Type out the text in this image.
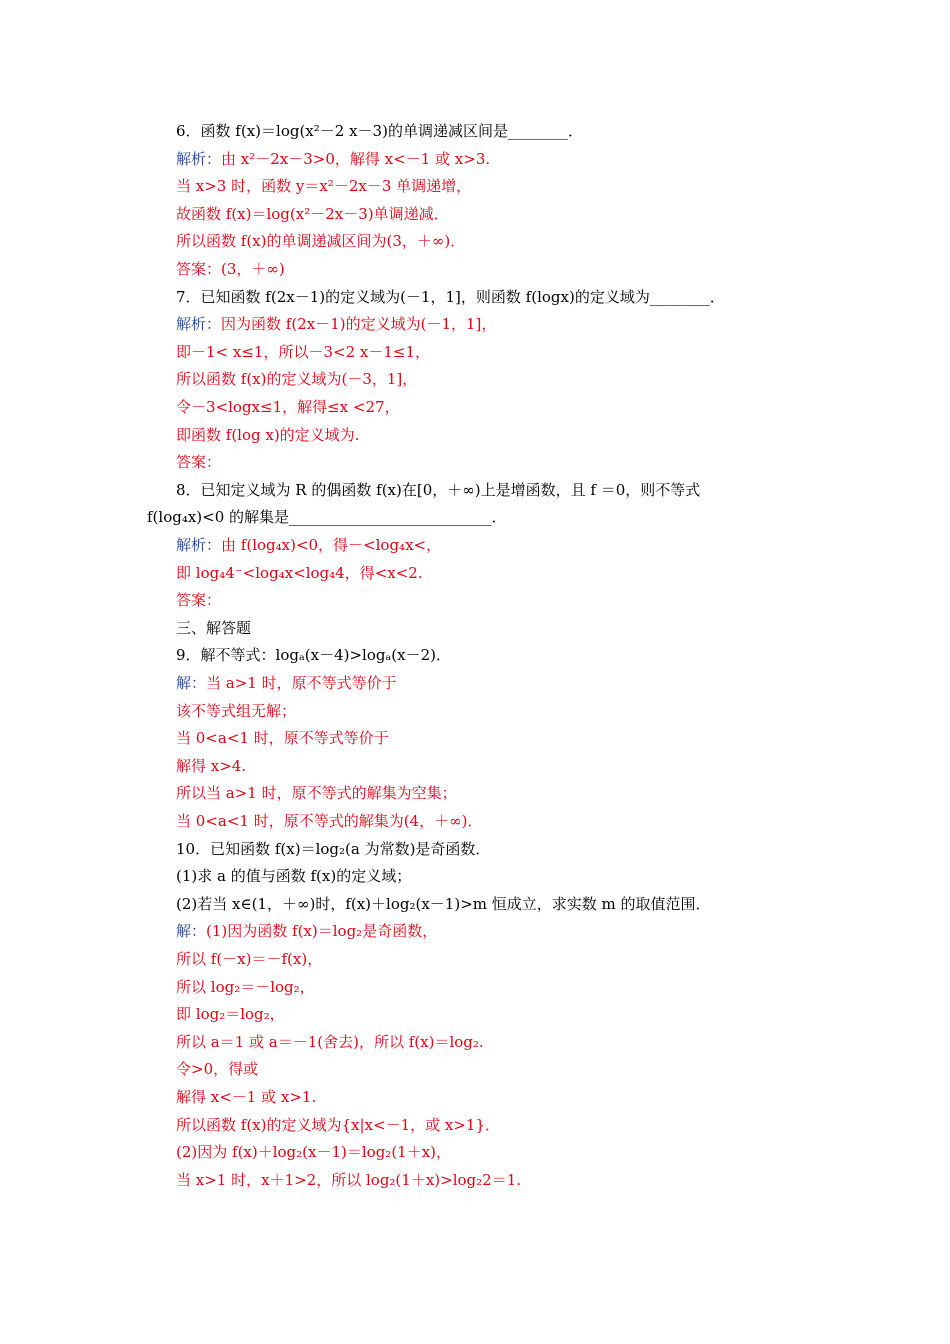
6．函数 f(x)＝log(x²－2 x－3)的单调递减区间是________．
解析：由 x²－2x－3>0，解得 x<－1 或 x>3.
当 x>3 时，函数 y＝x²－2x－3 单调递增，
故函数 f(x)＝log(x²－2x－3)单调递减．
所以函数 f(x)的单调递减区间为(3，＋∞)．
答案：(3，＋∞)
7．已知函数 f(2x－1)的定义域为(－1，1]，则函数 f(logx)的定义域为________．
解析：因为函数 f(2x－1)的定义域为(－1，1]，
即－1< x≤1，所以－3<2 x－1≤1，
所以函数 f(x)的定义域为(－3，1]，
令－3<logx≤1，解得≤x <27，
即函数 f(log x)的定义域为.
答案：
8．已知定义域为 R 的偶函数 f(x)在[0，＋∞)上是增函数，且 f ＝0，则不等式
f(log₄x)<0 的解集是___________________________．
解析：由 f(log₄x)<0，得－<log₄x<，
即 log₄4⁻<log₄x<log₄4，得<x<2.
答案：
三、解答题
9．解不等式：logₐ(x－4)>logₐ(x－2)．
解：当 a>1 时，原不等式等价于
该不等式组无解；
当 0<a<1 时，原不等式等价于
解得 x>4.
所以当 a>1 时，原不等式的解集为空集；
当 0<a<1 时，原不等式的解集为(4，＋∞)．
10．已知函数 f(x)＝log₂(a 为常数)是奇函数．
(1)求 a 的值与函数 f(x)的定义域；
(2)若当 x∈(1，＋∞)时，f(x)＋log₂(x－1)>m 恒成立，求实数 m 的取值范围．
解：(1)因为函数 f(x)＝log₂是奇函数，
所以 f(－x)＝－f(x)，
所以 log₂＝－log₂，
即 log₂＝log₂，
所以 a＝1 或 a＝－1(舍去)，所以 f(x)＝log₂.
令>0，得或
解得 x<－1 或 x>1.
所以函数 f(x)的定义域为{x|x<－1，或 x>1}．
(2)因为 f(x)＋log₂(x－1)＝log₂(1＋x)，
当 x>1 时，x＋1>2，所以 log₂(1＋x)>log₂2＝1.
